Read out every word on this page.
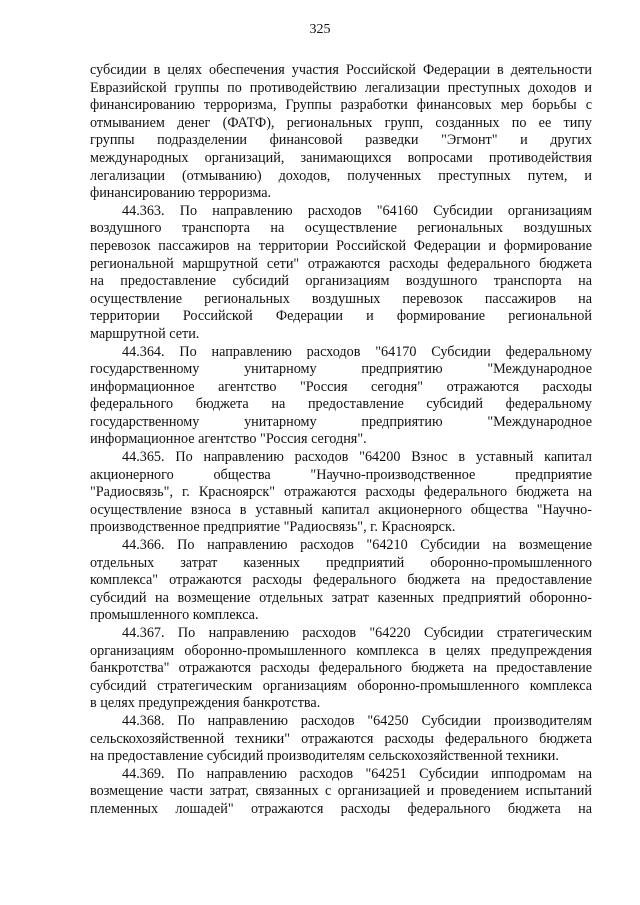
325
субсидии в целях обеспечения участия Российской Федерации в деятельности
Евразийской группы по противодействию легализации преступных доходов и
финансированию терроризма, Группы разработки финансовых мер борьбы с
отмыванием денег (ФАТФ), региональных групп, созданных по ее типу
группы подразделении финансовой разведки "Эгмонт" и других
международных организаций, занимающихся вопросами противодействия
легализации (отмыванию) доходов, полученных преступных путем, и
финансированию терроризма.
44.363. По направлению расходов "64160 Субсидии организациям
воздушного транспорта на осуществление региональных воздушных
перевозок пассажиров на территории Российской Федерации и формирование
региональной маршрутной сети" отражаются расходы федерального бюджета
на предоставление субсидий организациям воздушного транспорта на
осуществление региональных воздушных перевозок пассажиров на
территории Российской Федерации и формирование региональной
маршрутной сети.
44.364. По направлению расходов "64170 Субсидии федеральному
государственному унитарному предприятию "Международное
информационное агентство "Россия сегодня" отражаются расходы
федерального бюджета на предоставление субсидий федеральному
государственному унитарному предприятию "Международное
информационное агентство "Россия сегодня".
44.365. По направлению расходов "64200 Взнос в уставный капитал
акционерного общества "Научно-производственное предприятие
"Радиосвязь", г. Красноярск" отражаются расходы федерального бюджета на
осуществление взноса в уставный капитал акционерного общества "Научно-
производственное предприятие "Радиосвязь", г. Красноярск.
44.366. По направлению расходов "64210 Субсидии на возмещение
отдельных затрат казенных предприятий оборонно-промышленного
комплекса" отражаются расходы федерального бюджета на предоставление
субсидий на возмещение отдельных затрат казенных предприятий оборонно-
промышленного комплекса.
44.367. По направлению расходов "64220 Субсидии стратегическим
организациям оборонно-промышленного комплекса в целях предупреждения
банкротства" отражаются расходы федерального бюджета на предоставление
субсидий стратегическим организациям оборонно-промышленного комплекса
в целях предупреждения банкротства.
44.368. По направлению расходов "64250 Субсидии производителям
сельскохозяйственной техники" отражаются расходы федерального бюджета
на предоставление субсидий производителям сельскохозяйственной техники.
44.369. По направлению расходов "64251 Субсидии ипподромам на
возмещение части затрат, связанных с организацией и проведением испытаний
племенных лошадей" отражаются расходы федерального бюджета на
